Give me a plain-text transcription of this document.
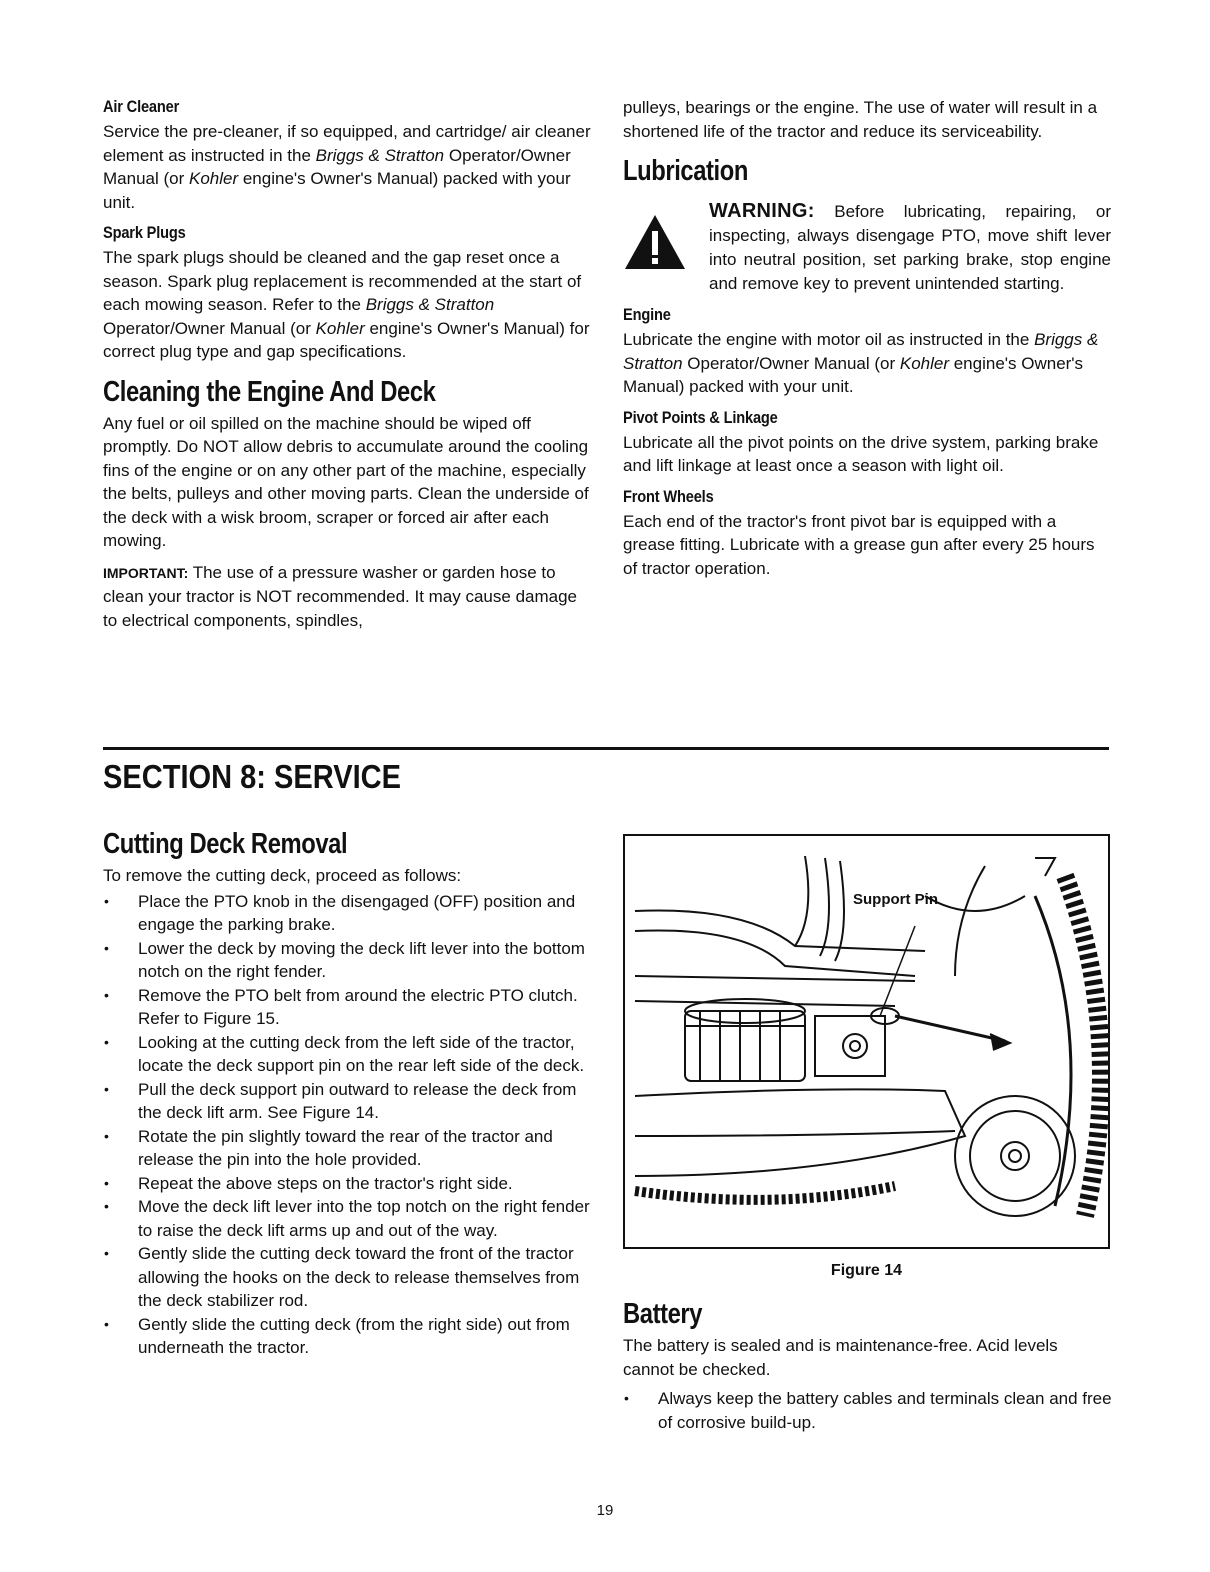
Air Cleaner

Service the pre-cleaner, if so equipped, and cartridge/ air cleaner element as instructed in the Briggs & Stratton Operator/Owner Manual (or Kohler engine's Owner's Manual) packed with your unit.

Spark Plugs

The spark plugs should be cleaned and the gap reset once a season. Spark plug replacement is recommended at the start of each mowing season. Refer to the Briggs & Stratton Operator/Owner Manual (or Kohler engine's Owner's Manual) for correct plug type and gap specifications.

Cleaning the Engine And Deck

Any fuel or oil spilled on the machine should be wiped off promptly. Do NOT allow debris to accumulate around the cooling fins of the engine or on any other part of the machine, especially the belts, pulleys and other moving parts. Clean the underside of the deck with a wisk broom, scraper or forced air after each mowing.

IMPORTANT: The use of a pressure washer or garden hose to clean your tractor is NOT recommended. It may cause damage to electrical components, spindles,

pulleys, bearings or the engine. The use of water will result in a shortened life of the tractor and reduce its serviceability.

Lubrication
WARNING: Before lubricating, repairing, or inspecting, always disengage PTO, move shift lever into neutral position, set parking brake, stop engine and remove key to prevent unintended starting.
Engine

Lubricate the engine with motor oil as instructed in the Briggs & Stratton Operator/Owner Manual (or Kohler engine's Owner's Manual) packed with your unit.

Pivot Points & Linkage

Lubricate all the pivot points on the drive system, parking brake and lift linkage at least once a season with light oil.

Front Wheels

Each end of the tractor's front pivot bar is equipped with a grease fitting. Lubricate with a grease gun after every 25 hours of tractor operation.

SECTION 8: SERVICE
Cutting Deck Removal

To remove the cutting deck, proceed as follows:

• Place the PTO knob in the disengaged (OFF) position and engage the parking brake.
• Lower the deck by moving the deck lift lever into the bottom notch on the right fender.
• Remove the PTO belt from around the electric PTO clutch. Refer to Figure 15.
• Looking at the cutting deck from the left side of the tractor, locate the deck support pin on the rear left side of the deck.
• Pull the deck support pin outward to release the deck from the deck lift arm. See Figure 14.
• Rotate the pin slightly toward the rear of the tractor and release the pin into the hole provided.
• Repeat the above steps on the tractor's right side.
• Move the deck lift lever into the top notch on the right fender to raise the deck lift arms up and out of the way.
• Gently slide the cutting deck toward the front of the tractor allowing the hooks on the deck to release themselves from the deck stabilizer rod.
• Gently slide the cutting deck (from the right side) out from underneath the tractor.
Support Pin
Figure 14
Battery

The battery is sealed and is maintenance-free. Acid levels cannot be checked.

• Always keep the battery cables and terminals clean and free of corrosive build-up.
19
